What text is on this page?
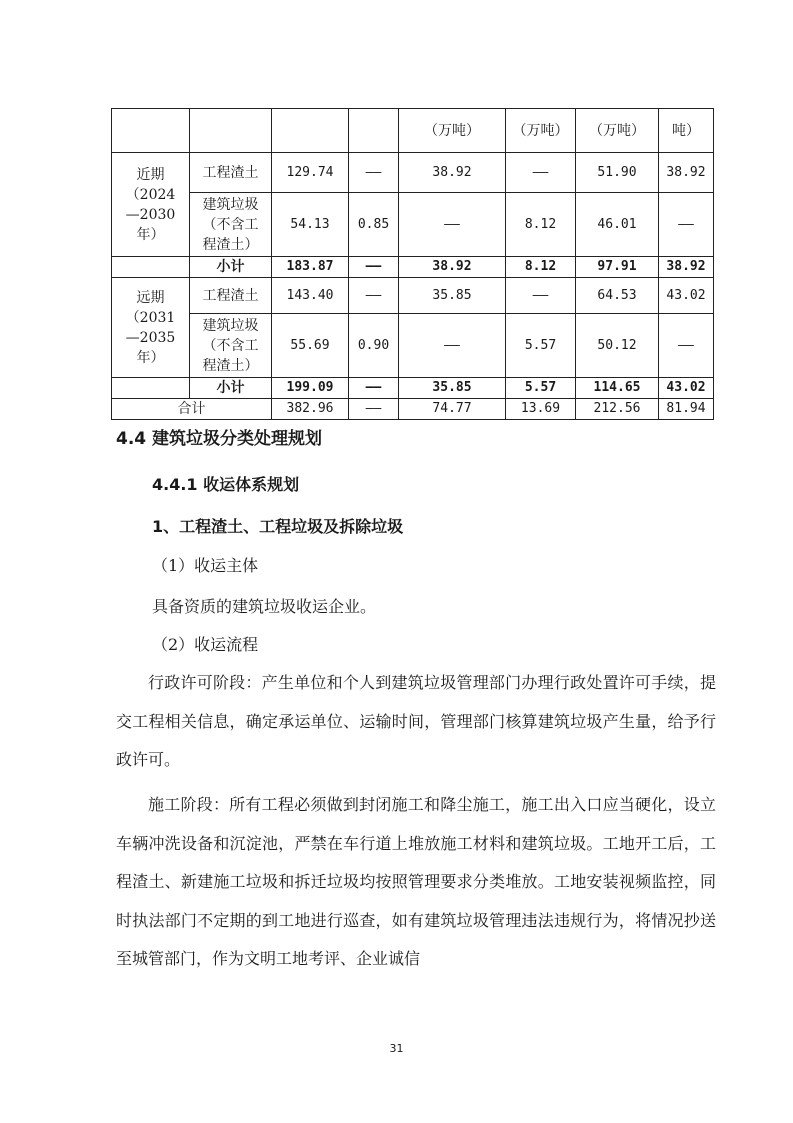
				（万吨）	（万吨）	（万吨）	吨）
近期（2024—2030年）	工程渣土	129.74	——	38.92	——	51.90	38.92
	建筑垃圾（不含工程渣土）	54.13	0.85	——	8.12	46.01	——
	小计	183.87	——	38.92	8.12	97.91	38.92
远期（2031—2035年）	工程渣土	143.40	——	35.85	——	64.53	43.02
	建筑垃圾（不含工程渣土）	55.69	0.90	——	5.57	50.12	——
	小计	199.09	——	35.85	5.57	114.65	43.02
合计		382.96	——	74.77	13.69	212.56	81.94
4.4 建筑垃圾分类处理规划
4.4.1 收运体系规划
1、工程渣土、工程垃圾及拆除垃圾
（1）收运主体
具备资质的建筑垃圾收运企业。
（2）收运流程
行政许可阶段：产生单位和个人到建筑垃圾管理部门办理行政处置许可手续，提交工程相关信息，确定承运单位、运输时间，管理部门核算建筑垃圾产生量，给予行政许可。
施工阶段：所有工程必须做到封闭施工和降尘施工，施工出入口应当硬化，设立车辆冲洗设备和沉淀池，严禁在车行道上堆放施工材料和建筑垃圾。工地开工后，工程渣土、新建施工垃圾和拆迁垃圾均按照管理要求分类堆放。工地安装视频监控，同时执法部门不定期的到工地进行巡查，如有建筑垃圾管理违法违规行为，将情况抄送至城管部门，作为文明工地考评、企业诚信
31
